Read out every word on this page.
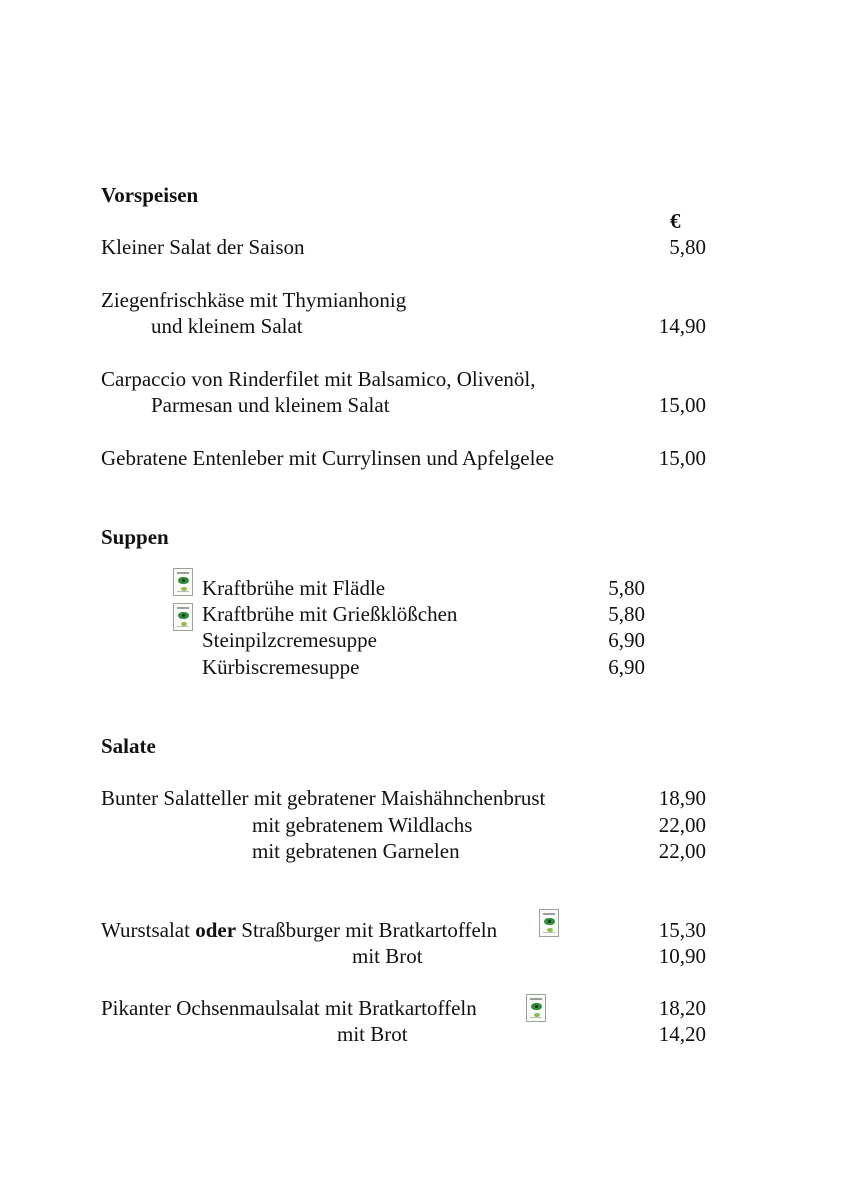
Vorspeisen
€
Kleiner Salat der Saison	5,80
Ziegenfrischkäse mit Thymianhonig
und kleinem Salat	14,90
Carpaccio von Rinderfilet mit Balsamico, Olivenöl,
Parmesan und kleinem Salat	15,00
Gebratene Entenleber mit Currylinsen und Apfelgelee	15,00
Suppen
Kraftbrühe mit Flädle	5,80
Kraftbrühe mit Grießklößchen	5,80
Steinpilzcremesuppe	6,90
Kürbiscremesuppe	6,90
Salate
Bunter Salatteller mit gebratener Maishähnchenbrust	18,90
mit gebratenem Wildlachs	22,00
mit gebratenen Garnelen	22,00
Wurstsalat oder Straßburger mit Bratkartoffeln	15,30
mit Brot	10,90
Pikanter Ochsenmaulsalat mit Bratkartoffeln	18,20
mit Brot	14,20
